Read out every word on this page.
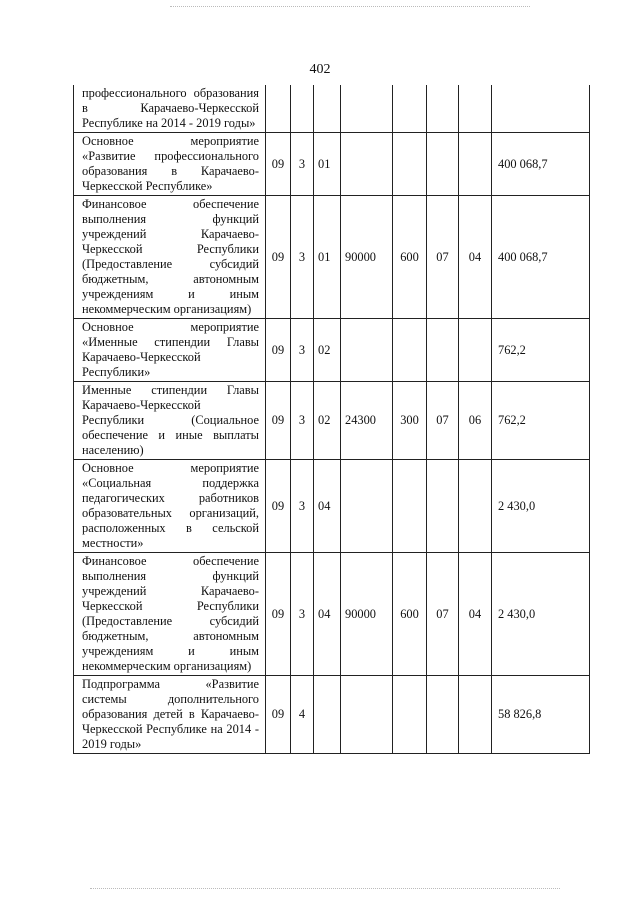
402
профессионального образования в Карачаево-Черкесской Республике на 2014 - 2019 годы»								
Основное мероприятие «Развитие профессионального образования в Карачаево-Черкесской Республике»	09	3	01					400 068,7
Финансовое обеспечение выполнения функций учреждений Карачаево-Черкесской Республики (Предоставление субсидий бюджетным, автономным учреждениям и иным некоммерческим организациям)	09	3	01	90000	600	07	04	400 068,7
Основное мероприятие «Именные стипендии Главы Карачаево-Черкесской Республики»	09	3	02					762,2
Именные стипендии Главы Карачаево-Черкесской Республики (Социальное обеспечение и иные выплаты населению)	09	3	02	24300	300	07	06	762,2
Основное мероприятие «Социальная поддержка педагогических работников образовательных организаций, расположенных в сельской местности»	09	3	04					2 430,0
Финансовое обеспечение выполнения функций учреждений Карачаево-Черкесской Республики (Предоставление субсидий бюджетным, автономным учреждениям и иным некоммерческим организациям)	09	3	04	90000	600	07	04	2 430,0
Подпрограмма «Развитие системы дополнительного образования детей в Карачаево-Черкесской Республике на 2014 - 2019 годы»	09	4						58 826,8
